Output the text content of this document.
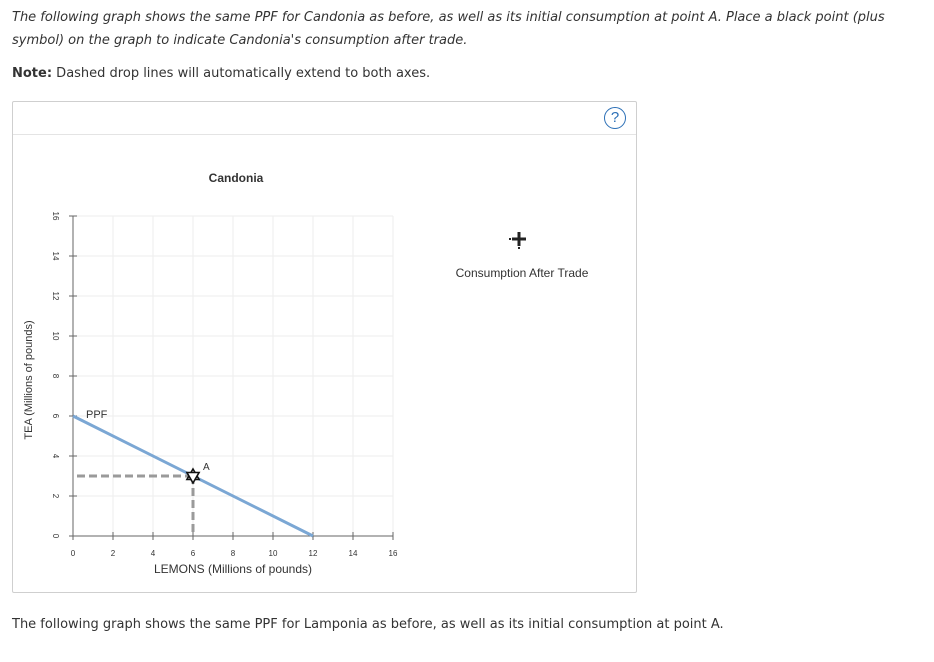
The following graph shows the same PPF for Candonia as before, as well as its initial consumption at point A. Place a black point (plus symbol) on the graph to indicate Candonia's consumption after trade.

Note: Dashed drop lines will automatically extend to both axes.

?
0	2	4	6	8	10	12	14	16
0
2
4
6
8
10
12
14
16
PPF
A
Candonia
LEMONS (Millions of pounds)
TEA (Millions of pounds)
Consumption After Trade

The following graph shows the same PPF for Lamponia as before, as well as its initial consumption at point A.
